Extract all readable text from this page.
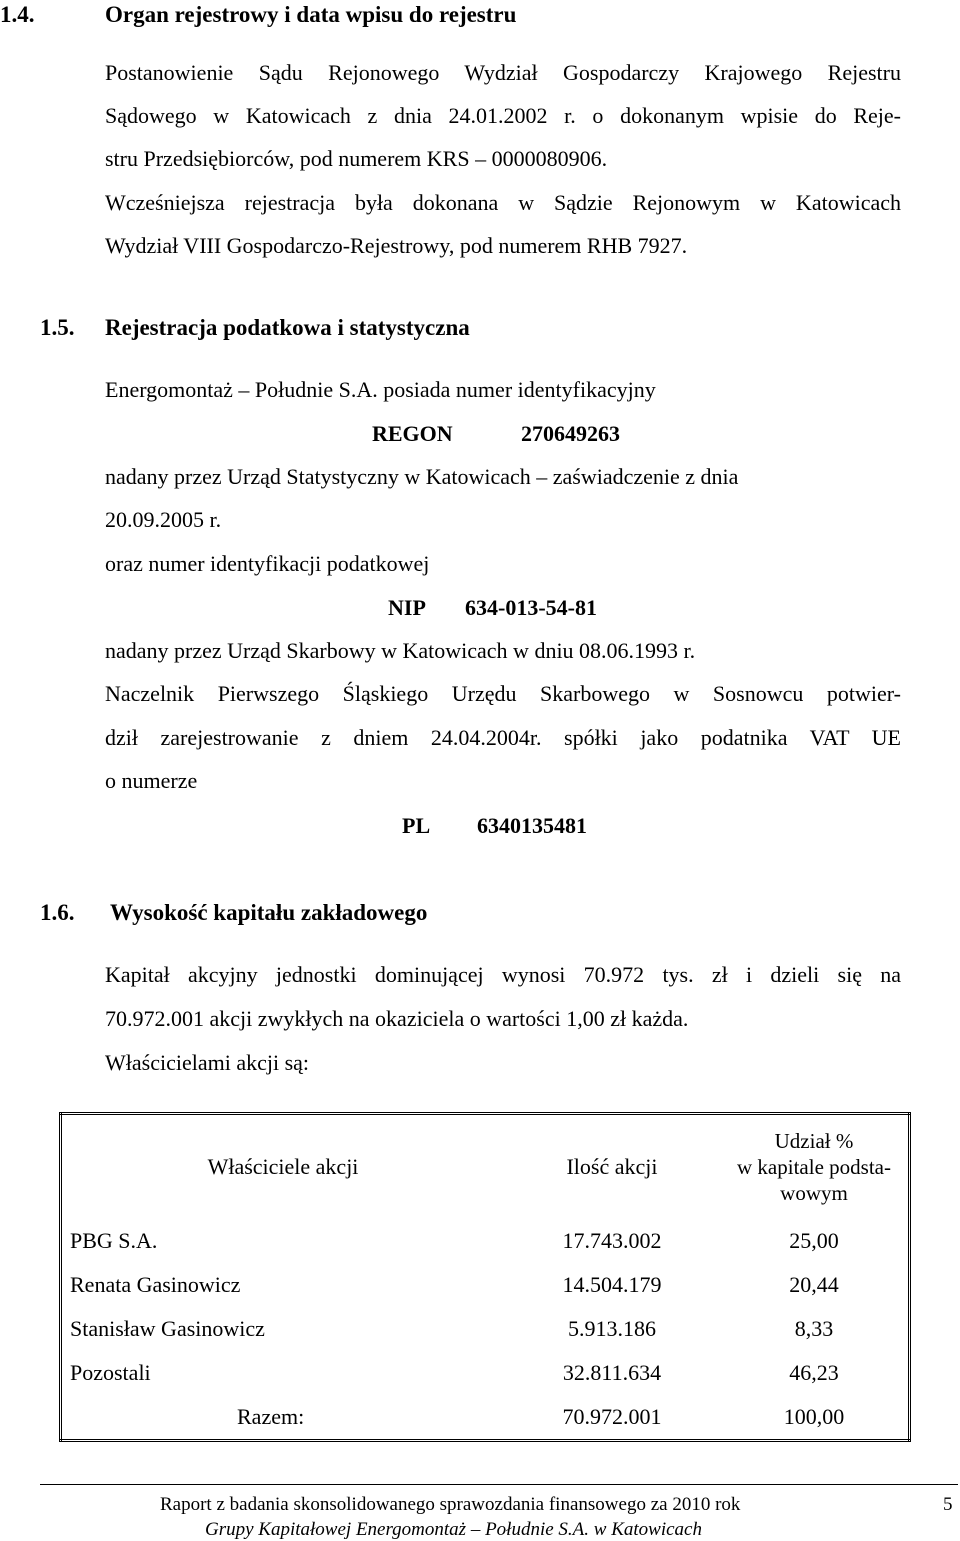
1.4.	Organ rejestrowy i data wpisu do rejestru
Postanowienie Sądu Rejonowego Wydział Gospodarczy Krajowego Rejestru
Sądowego w Katowicach z dnia 24.01.2002 r. o dokonanym wpisie do Reje-
stru Przedsiębiorców, pod numerem KRS – 0000080906.
Wcześniejsza rejestracja była dokonana w Sądzie Rejonowym w Katowicach
Wydział VIII Gospodarczo-Rejestrowy, pod numerem RHB 7927.
1.5. Rejestracja podatkowa i statystyczna
Energomontaż – Południe S.A. posiada numer identyfikacyjny
REGON	270649263
nadany przez Urząd Statystyczny w Katowicach – zaświadczenie z dnia
20.09.2005 r.
oraz numer identyfikacji podatkowej
NIP 634-013-54-81
nadany przez Urząd Skarbowy w Katowicach w dniu 08.06.1993 r.
Naczelnik Pierwszego Śląskiego Urzędu Skarbowego w Sosnowcu potwier-
dził zarejestrowanie z dniem 24.04.2004r. spółki jako podatnika VAT UE
o numerze
PL 6340135481
1.6. Wysokość kapitału zakładowego
Kapitał akcyjny jednostki dominującej wynosi 70.972 tys. zł i dzieli się na
70.972.001 akcji zwykłych na okaziciela o wartości 1,00 zł każda.
Właścicielami akcji są:
Właściciele akcji	Ilość akcji	Udział %
w kapitale podsta-
wowym

PBG S.A.	17.743.002	25,00
Renata Gasinowicz	14.504.179	20,44
Stanisław Gasinowicz	5.913.186	8,33
Pozostali	32.811.634	46,23
Razem:	70.972.001	100,00
Raport z badania skonsolidowanego sprawozdania finansowego za 2010 rok
Grupy Kapitałowej Energomontaż – Południe S.A. w Katowicach
5
